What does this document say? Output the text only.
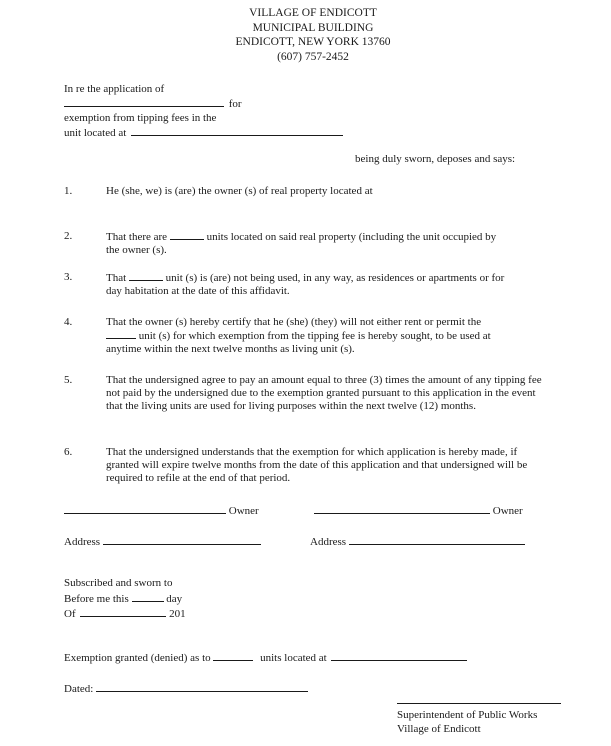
VILLAGE OF ENDICOTT
MUNICIPAL BUILDING
ENDICOTT, NEW YORK 13760
(607) 757-2452
In re the application of
for
exemption from tipping fees in the
unit located at
being duly sworn, deposes and says:
1.	He (she, we) is (are) the owner (s) of real property located at
2.	That there are	units located on said real property (including the unit occupied by
the owner (s).
3.	That	unit (s) is (are) not being used, in any way, as residences or apartments or for
day habitation at the date of this affidavit.
4.	That the owner (s) hereby certify that he (she) (they) will not either rent or permit the
unit (s) for which exemption from the tipping fee is hereby sought, to be used at
anytime within the next twelve months as living unit (s).
5.	That the undersigned agree to pay an amount equal to three (3) times the amount of any tipping fee not paid by the undersigned due to the exemption granted pursuant to this application in the event that the living units are used for living purposes within the next twelve (12) months.
6.	That the undersigned understands that the exemption for which application is hereby made, if granted will expire twelve months from the date of this application and that undersigned will be required to refile at the end of that period.
Owner	Owner
Address	Address
Subscribed and sworn to
Before me this	day
Of	201
Exemption granted (denied) as to	units located at
Dated:
Superintendent of Public Works
Village of Endicott
